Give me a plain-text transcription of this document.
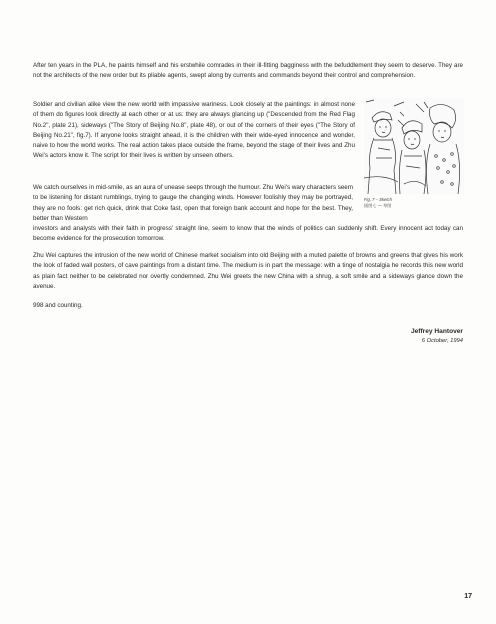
After ten years in the PLA, he paints himself and his erstwhile comrades in their ill-fitting bagginess with the befuddlement they seem to deserve. They are not the architects of the new order but its pliable agents, swept along by currents and commands beyond their control and comprehension.

Soldier and civilian alike view the new world with impassive wariness. Look closely at the paintings: in almost none of them do figures look directly at each other or at us: they are always glancing up ("Descended from the Red Flag No.2", plate 21), sideways ("The Story of Beijing No.8", plate 48), or out of the corners of their eyes ("The Story of Beijing No.21", fig.7). If anyone looks straight ahead, it is the children with their wide-eyed innocence and wonder, naive to how the world works. The real action takes place outside the frame, beyond the stage of their lives and Zhu Wei's actors know it. The script for their lives is written by unseen others.

We catch ourselves in mid-smile, as an aura of unease seeps through the humour. Zhu Wei's wary characters seem to be listening for distant rumblings, trying to gauge the changing winds. However foolishly they may be portrayed, they are no fools: get rich quick, drink that Coke fast, open that foreign bank account and hope for the best. They, better than Western

investors and analysts with their faith in progress' straight line, seem to know that the winds of politics can suddenly shift. Every innocent act today can become evidence for the prosecution tomorrow.

Zhu Wei captures the intrusion of the new world of Chinese market socialism into old Beijing with a muted palette of browns and greens that gives his work the look of faded wall posters, of cave paintings from a distant time. The medium is in part the message: with a tinge of nostalgia he records this new world as plain fact neither to be celebrated nor overtly condemned. Zhu Wei greets the new China with a shrug, a soft smile and a sideways glance down the avenue.

998 and counting.

Fig. 7 – Sketch
插图七 — 草图
Jeffrey Hantover
6 October, 1994
17
